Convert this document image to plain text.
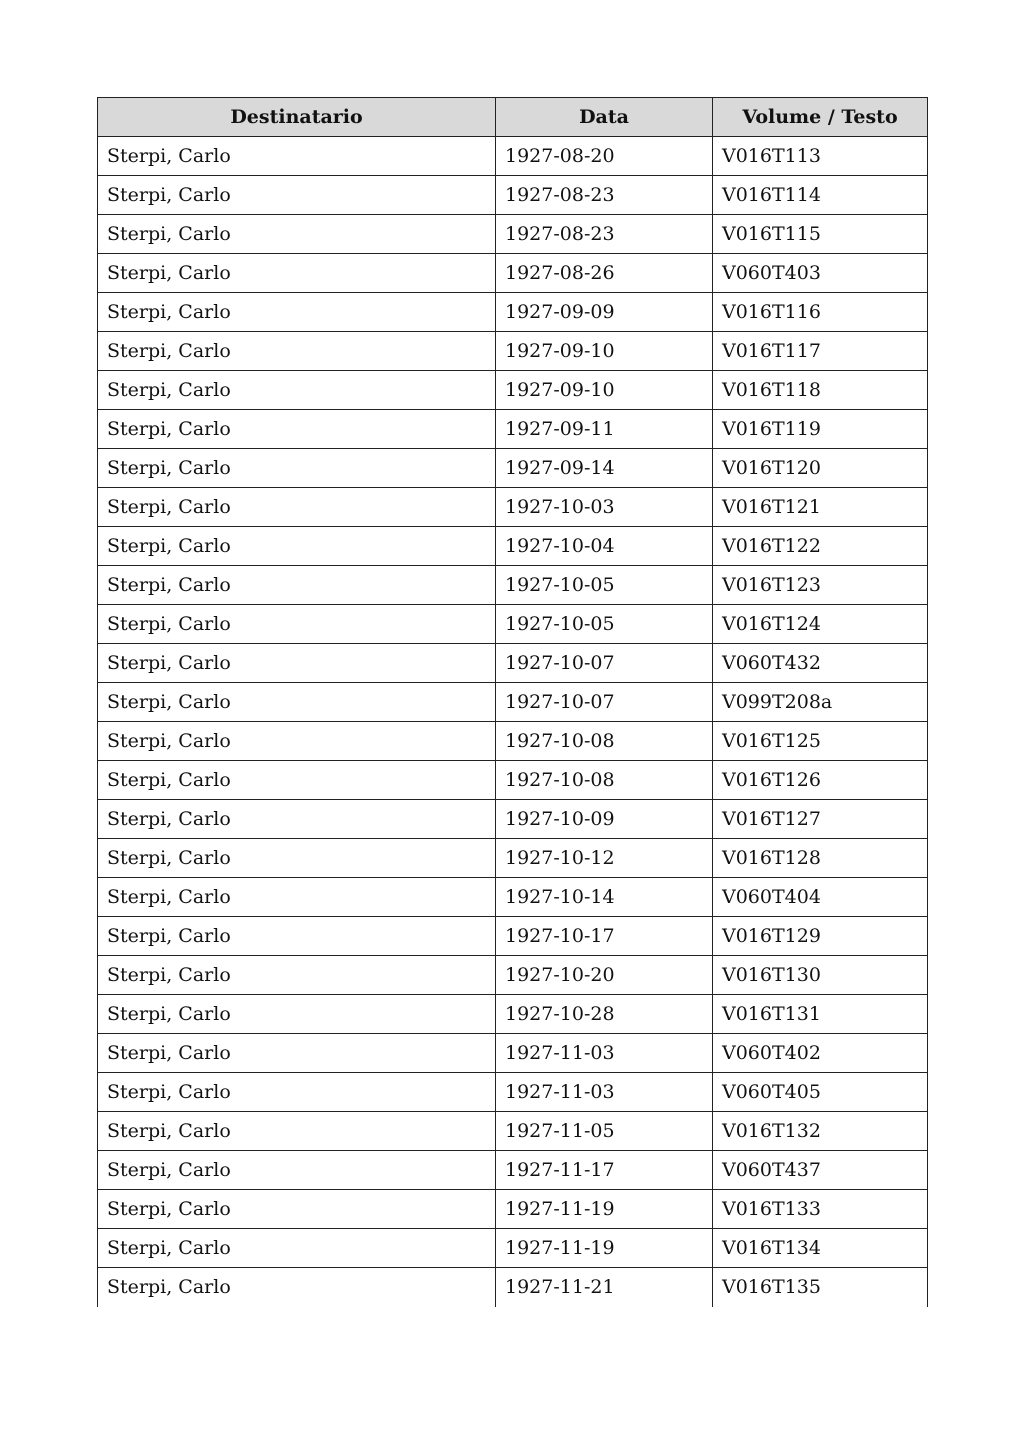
Destinatario	Data	Volume / Testo
Sterpi, Carlo	1927-08-20	V016T113
Sterpi, Carlo	1927-08-23	V016T114
Sterpi, Carlo	1927-08-23	V016T115
Sterpi, Carlo	1927-08-26	V060T403
Sterpi, Carlo	1927-09-09	V016T116
Sterpi, Carlo	1927-09-10	V016T117
Sterpi, Carlo	1927-09-10	V016T118
Sterpi, Carlo	1927-09-11	V016T119
Sterpi, Carlo	1927-09-14	V016T120
Sterpi, Carlo	1927-10-03	V016T121
Sterpi, Carlo	1927-10-04	V016T122
Sterpi, Carlo	1927-10-05	V016T123
Sterpi, Carlo	1927-10-05	V016T124
Sterpi, Carlo	1927-10-07	V060T432
Sterpi, Carlo	1927-10-07	V099T208a
Sterpi, Carlo	1927-10-08	V016T125
Sterpi, Carlo	1927-10-08	V016T126
Sterpi, Carlo	1927-10-09	V016T127
Sterpi, Carlo	1927-10-12	V016T128
Sterpi, Carlo	1927-10-14	V060T404
Sterpi, Carlo	1927-10-17	V016T129
Sterpi, Carlo	1927-10-20	V016T130
Sterpi, Carlo	1927-10-28	V016T131
Sterpi, Carlo	1927-11-03	V060T402
Sterpi, Carlo	1927-11-03	V060T405
Sterpi, Carlo	1927-11-05	V016T132
Sterpi, Carlo	1927-11-17	V060T437
Sterpi, Carlo	1927-11-19	V016T133
Sterpi, Carlo	1927-11-19	V016T134
Sterpi, Carlo	1927-11-21	V016T135
